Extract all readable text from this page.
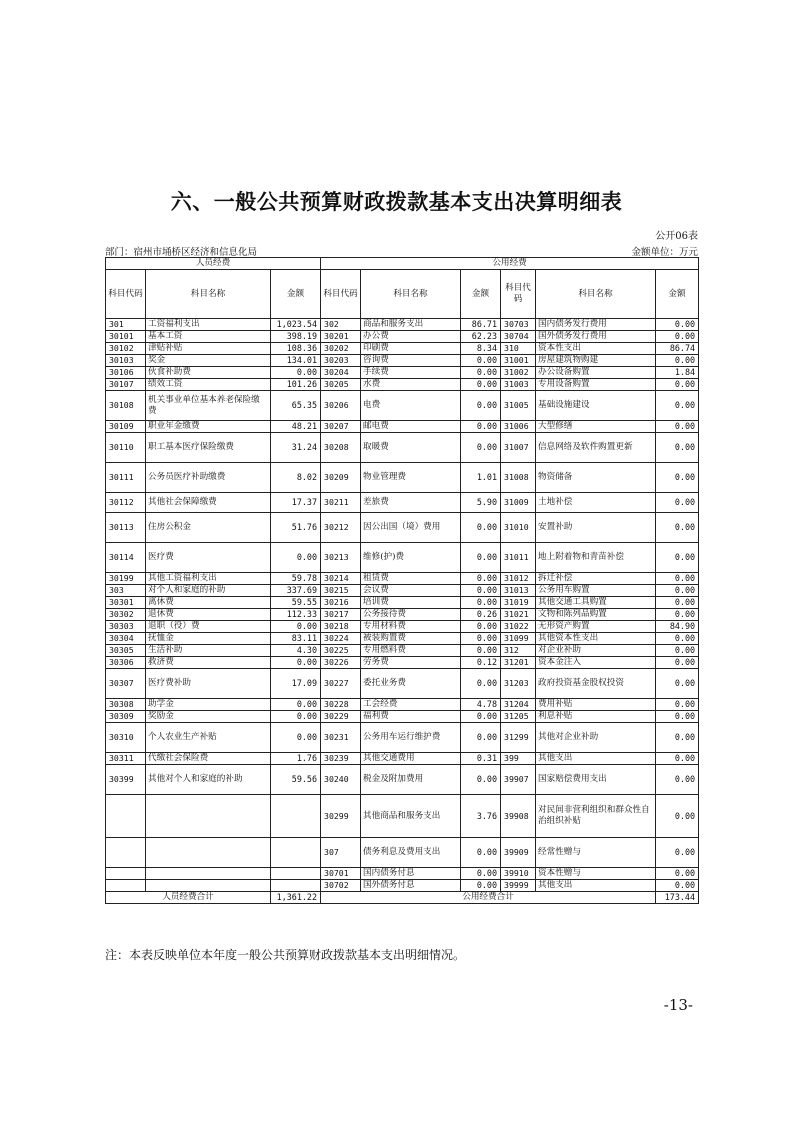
六、一般公共预算财政拨款基本支出决算明细表
公开06表
部门：宿州市埇桥区经济和信息化局	金额单位：万元
人员经费			公用经费					
科目代码	科目名称	金额	科目代码	科目名称	金额	科目代码	科目名称	金额
301	工资福利支出	1,023.54	302	商品和服务支出	86.71	30703	国内债务发行费用	0.00
30101	基本工资	398.19	30201	办公费	62.23	30704	国外债务发行费用	0.00
30102	津贴补贴	108.36	30202	印刷费	8.34	310	资本性支出	86.74
30103	奖金	134.01	30203	咨询费	0.00	31001	房屋建筑物购建	0.00
30106	伙食补助费	0.00	30204	手续费	0.00	31002	办公设备购置	1.84
30107	绩效工资	101.26	30205	水费	0.00	31003	专用设备购置	0.00
30108	机关事业单位基本养老保险缴费	65.35	30206	电费	0.00	31005	基础设施建设	0.00
30109	职业年金缴费	48.21	30207	邮电费	0.00	31006	大型修缮	0.00
30110	职工基本医疗保险缴费	31.24	30208	取暖费	0.00	31007	信息网络及软件购置更新	0.00
30111	公务员医疗补助缴费	8.02	30209	物业管理费	1.01	31008	物资储备	0.00
30112	其他社会保障缴费	17.37	30211	差旅费	5.90	31009	土地补偿	0.00
30113	住房公积金	51.76	30212	因公出国（境）费用	0.00	31010	安置补助	0.00
30114	医疗费	0.00	30213	维修(护)费	0.00	31011	地上附着物和青苗补偿	0.00
30199	其他工资福利支出	59.78	30214	租赁费	0.00	31012	拆迁补偿	0.00
303	对个人和家庭的补助	337.69	30215	会议费	0.00	31013	公务用车购置	0.00
30301	离休费	59.55	30216	培训费	0.00	31019	其他交通工具购置	0.00
30302	退休费	112.33	30217	公务接待费	0.26	31021	文物和陈列品购置	0.00
30303	退职（役）费	0.00	30218	专用材料费	0.00	31022	无形资产购置	84.90
30304	抚恤金	83.11	30224	被装购置费	0.00	31099	其他资本性支出	0.00
30305	生活补助	4.30	30225	专用燃料费	0.00	312	对企业补助	0.00
30306	救济费	0.00	30226	劳务费	0.12	31201	资本金注入	0.00
30307	医疗费补助	17.09	30227	委托业务费	0.00	31203	政府投资基金股权投资	0.00
30308	助学金	0.00	30228	工会经费	4.78	31204	费用补贴	0.00
30309	奖励金	0.00	30229	福利费	0.00	31205	利息补贴	0.00
30310	个人农业生产补贴	0.00	30231	公务用车运行维护费	0.00	31299	其他对企业补助	0.00
30311	代缴社会保险费	1.76	30239	其他交通费用	0.31	399	其他支出	0.00
30399	其他对个人和家庭的补助	59.56	30240	税金及附加费用	0.00	39907	国家赔偿费用支出	0.00
			30299	其他商品和服务支出	3.76	39908	对民间非营利组织和群众性自治组织补贴	0.00
			307	债务利息及费用支出	0.00	39909	经常性赠与	0.00
			30701	国内债务付息	0.00	39910	资本性赠与	0.00
			30702	国外债务付息	0.00	39999	其他支出	0.00
人员经费合计		1,361.22	公用经费合计					173.44
注：本表反映单位本年度一般公共预算财政拨款基本支出明细情况。
-13-
